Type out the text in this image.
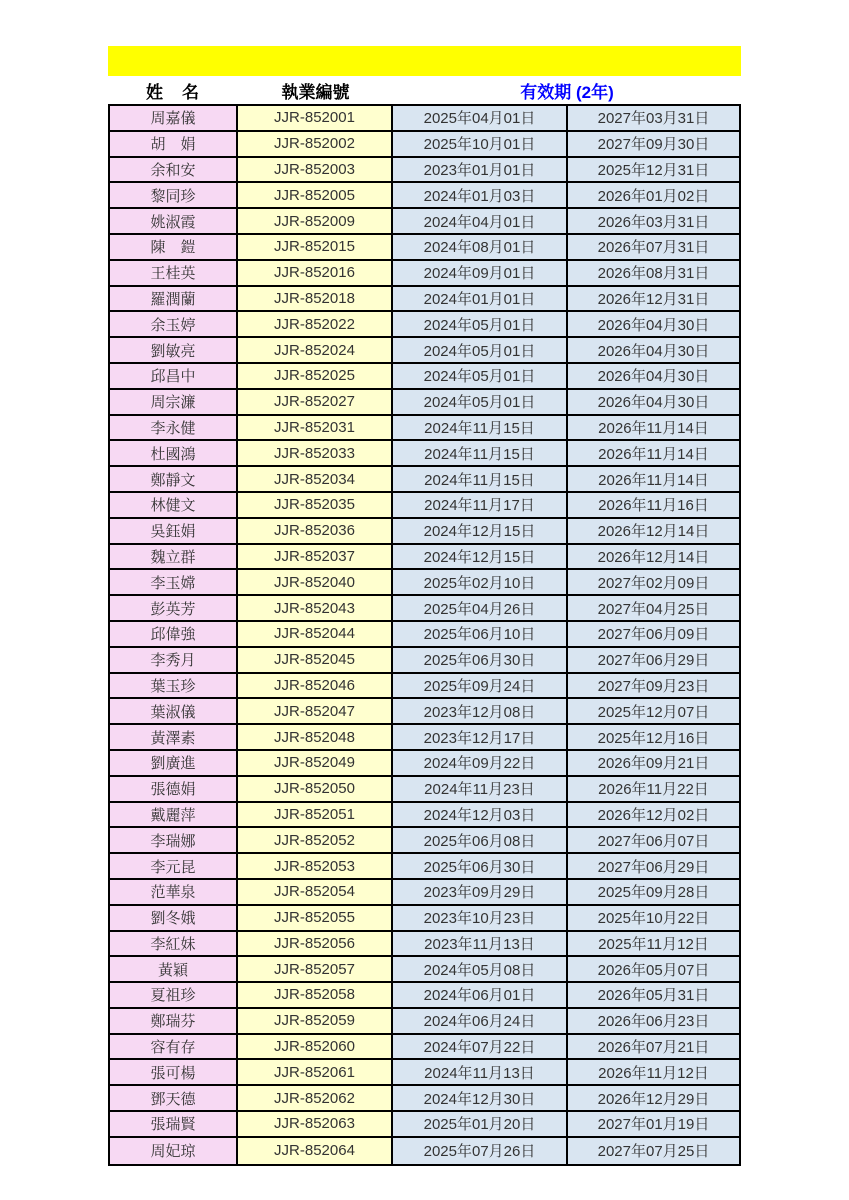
姓　名	執業編號	有效期 (2年)
周嘉儀	JJR-852001	2025年04月01日	2027年03月31日
胡　娟	JJR-852002	2025年10月01日	2027年09月30日
余和安	JJR-852003	2023年01月01日	2025年12月31日
黎同珍	JJR-852005	2024年01月03日	2026年01月02日
姚淑霞	JJR-852009	2024年04月01日	2026年03月31日
陳　鎧	JJR-852015	2024年08月01日	2026年07月31日
王桂英	JJR-852016	2024年09月01日	2026年08月31日
羅潤蘭	JJR-852018	2024年01月01日	2026年12月31日
余玉婷	JJR-852022	2024年05月01日	2026年04月30日
劉敏亮	JJR-852024	2024年05月01日	2026年04月30日
邱昌中	JJR-852025	2024年05月01日	2026年04月30日
周宗濂	JJR-852027	2024年05月01日	2026年04月30日
李永健	JJR-852031	2024年11月15日	2026年11月14日
杜國鴻	JJR-852033	2024年11月15日	2026年11月14日
鄭靜文	JJR-852034	2024年11月15日	2026年11月14日
林健文	JJR-852035	2024年11月17日	2026年11月16日
吳鈺娟	JJR-852036	2024年12月15日	2026年12月14日
魏立群	JJR-852037	2024年12月15日	2026年12月14日
李玉嫦	JJR-852040	2025年02月10日	2027年02月09日
彭英芳	JJR-852043	2025年04月26日	2027年04月25日
邱偉強	JJR-852044	2025年06月10日	2027年06月09日
李秀月	JJR-852045	2025年06月30日	2027年06月29日
葉玉珍	JJR-852046	2025年09月24日	2027年09月23日
葉淑儀	JJR-852047	2023年12月08日	2025年12月07日
黃澤素	JJR-852048	2023年12月17日	2025年12月16日
劉廣進	JJR-852049	2024年09月22日	2026年09月21日
張德娟	JJR-852050	2024年11月23日	2026年11月22日
戴麗萍	JJR-852051	2024年12月03日	2026年12月02日
李瑞娜	JJR-852052	2025年06月08日	2027年06月07日
李元昆	JJR-852053	2025年06月30日	2027年06月29日
范華泉	JJR-852054	2023年09月29日	2025年09月28日
劉冬娥	JJR-852055	2023年10月23日	2025年10月22日
李紅妹	JJR-852056	2023年11月13日	2025年11月12日
黃穎	JJR-852057	2024年05月08日	2026年05月07日
夏祖珍	JJR-852058	2024年06月01日	2026年05月31日
鄭瑞芬	JJR-852059	2024年06月24日	2026年06月23日
容有存	JJR-852060	2024年07月22日	2026年07月21日
張可楊	JJR-852061	2024年11月13日	2026年11月12日
鄧天德	JJR-852062	2024年12月30日	2026年12月29日
張瑞賢	JJR-852063	2025年01月20日	2027年01月19日
周妃琼	JJR-852064	2025年07月26日	2027年07月25日
